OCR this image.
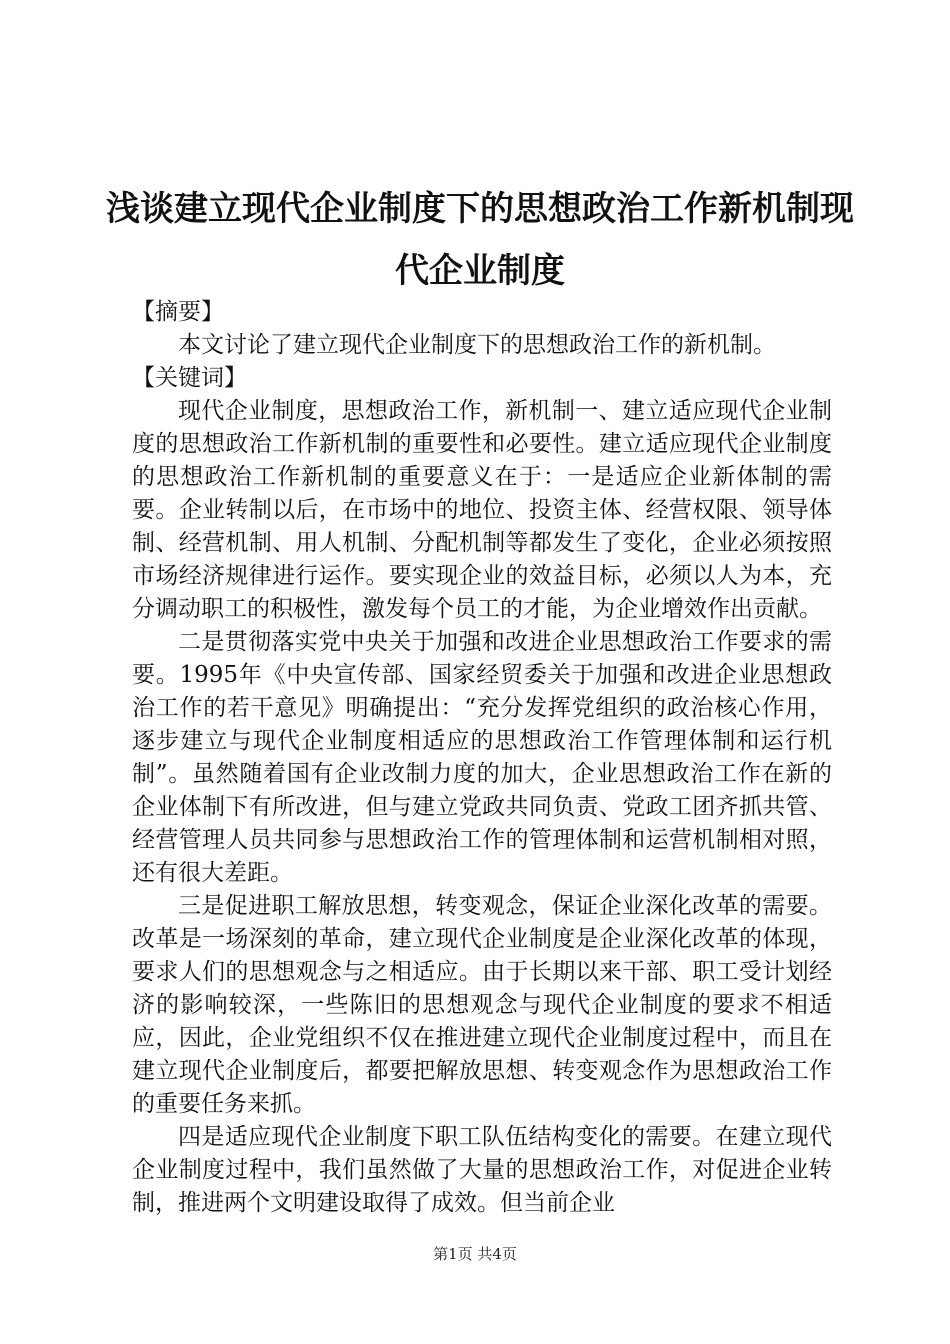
浅谈建立现代企业制度下的思想政治工作新机制现代企业制度

【摘要】

本文讨论了建立现代企业制度下的思想政治工作的新机制。

【关键词】

现代企业制度，思想政治工作，新机制一、建立适应现代企业制度的思想政治工作新机制的重要性和必要性。建立适应现代企业制度的思想政治工作新机制的重要意义在于：一是适应企业新体制的需要。企业转制以后，在市场中的地位、投资主体、经营权限、领导体制、经营机制、用人机制、分配机制等都发生了变化，企业必须按照市场经济规律进行运作。要实现企业的效益目标，必须以人为本，充分调动职工的积极性，激发每个员工的才能，为企业增效作出贡献。

二是贯彻落实党中央关于加强和改进企业思想政治工作要求的需要。1995年《中央宣传部、国家经贸委关于加强和改进企业思想政治工作的若干意见》明确提出：“充分发挥党组织的政治核心作用，逐步建立与现代企业制度相适应的思想政治工作管理体制和运行机制”。虽然随着国有企业改制力度的加大，企业思想政治工作在新的企业体制下有所改进，但与建立党政共同负责、党政工团齐抓共管、经营管理人员共同参与思想政治工作的管理体制和运营机制相对照，还有很大差距。

三是促进职工解放思想，转变观念，保证企业深化改革的需要。改革是一场深刻的革命，建立现代企业制度是企业深化改革的体现，要求人们的思想观念与之相适应。由于长期以来干部、职工受计划经济的影响较深，一些陈旧的思想观念与现代企业制度的要求不相适应，因此，企业党组织不仅在推进建立现代企业制度过程中，而且在建立现代企业制度后，都要把解放思想、转变观念作为思想政治工作的重要任务来抓。

四是适应现代企业制度下职工队伍结构变化的需要。在建立现代企业制度过程中，我们虽然做了大量的思想政治工作，对促进企业转制，推进两个文明建设取得了成效。但当前企业

第1页 共4页
